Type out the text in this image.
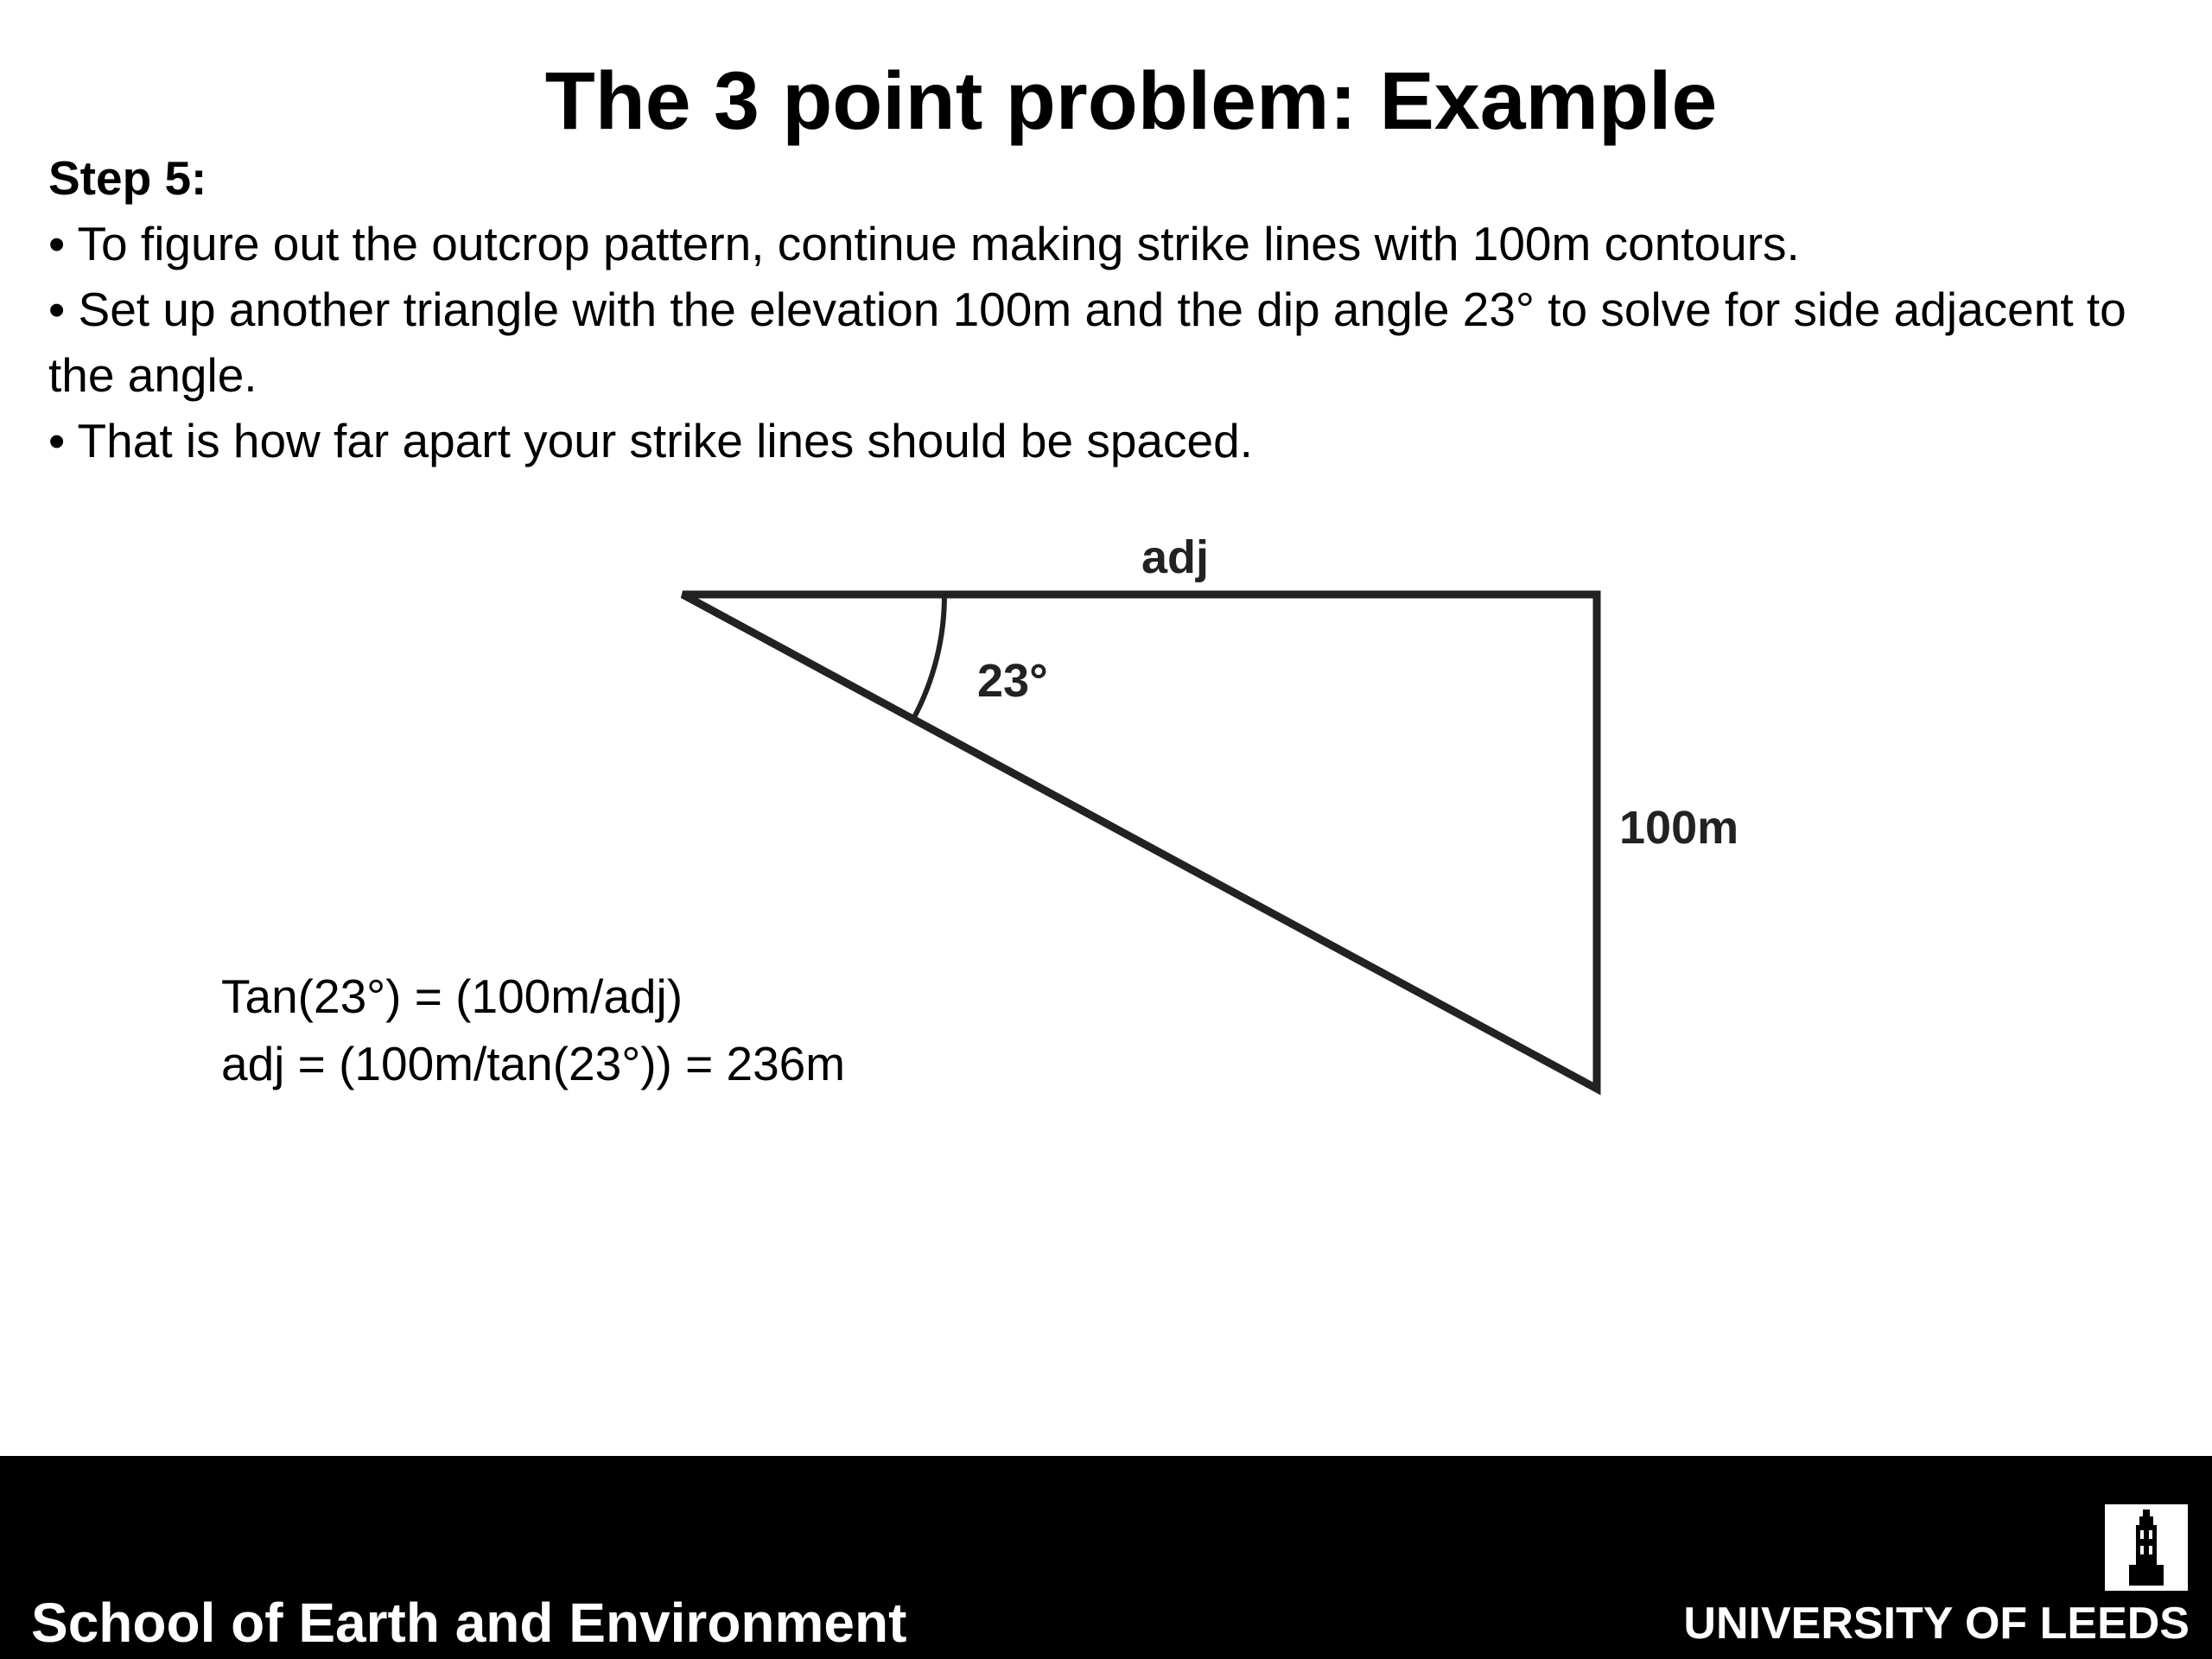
The 3 point problem: Example

Step 5:

• To figure out the outcrop pattern, continue making strike lines with 100m contours.

• Set up another triangle with the elevation 100m and the dip angle 23° to solve for side adjacent to the angle.

• That is how far apart your strike lines should be spaced.

adj
23°
100m
Tan(23°) = (100m/adj)
adj = (100m/tan(23°)) = 236m
School of Earth and Environment	UNIVERSITY OF LEEDS
